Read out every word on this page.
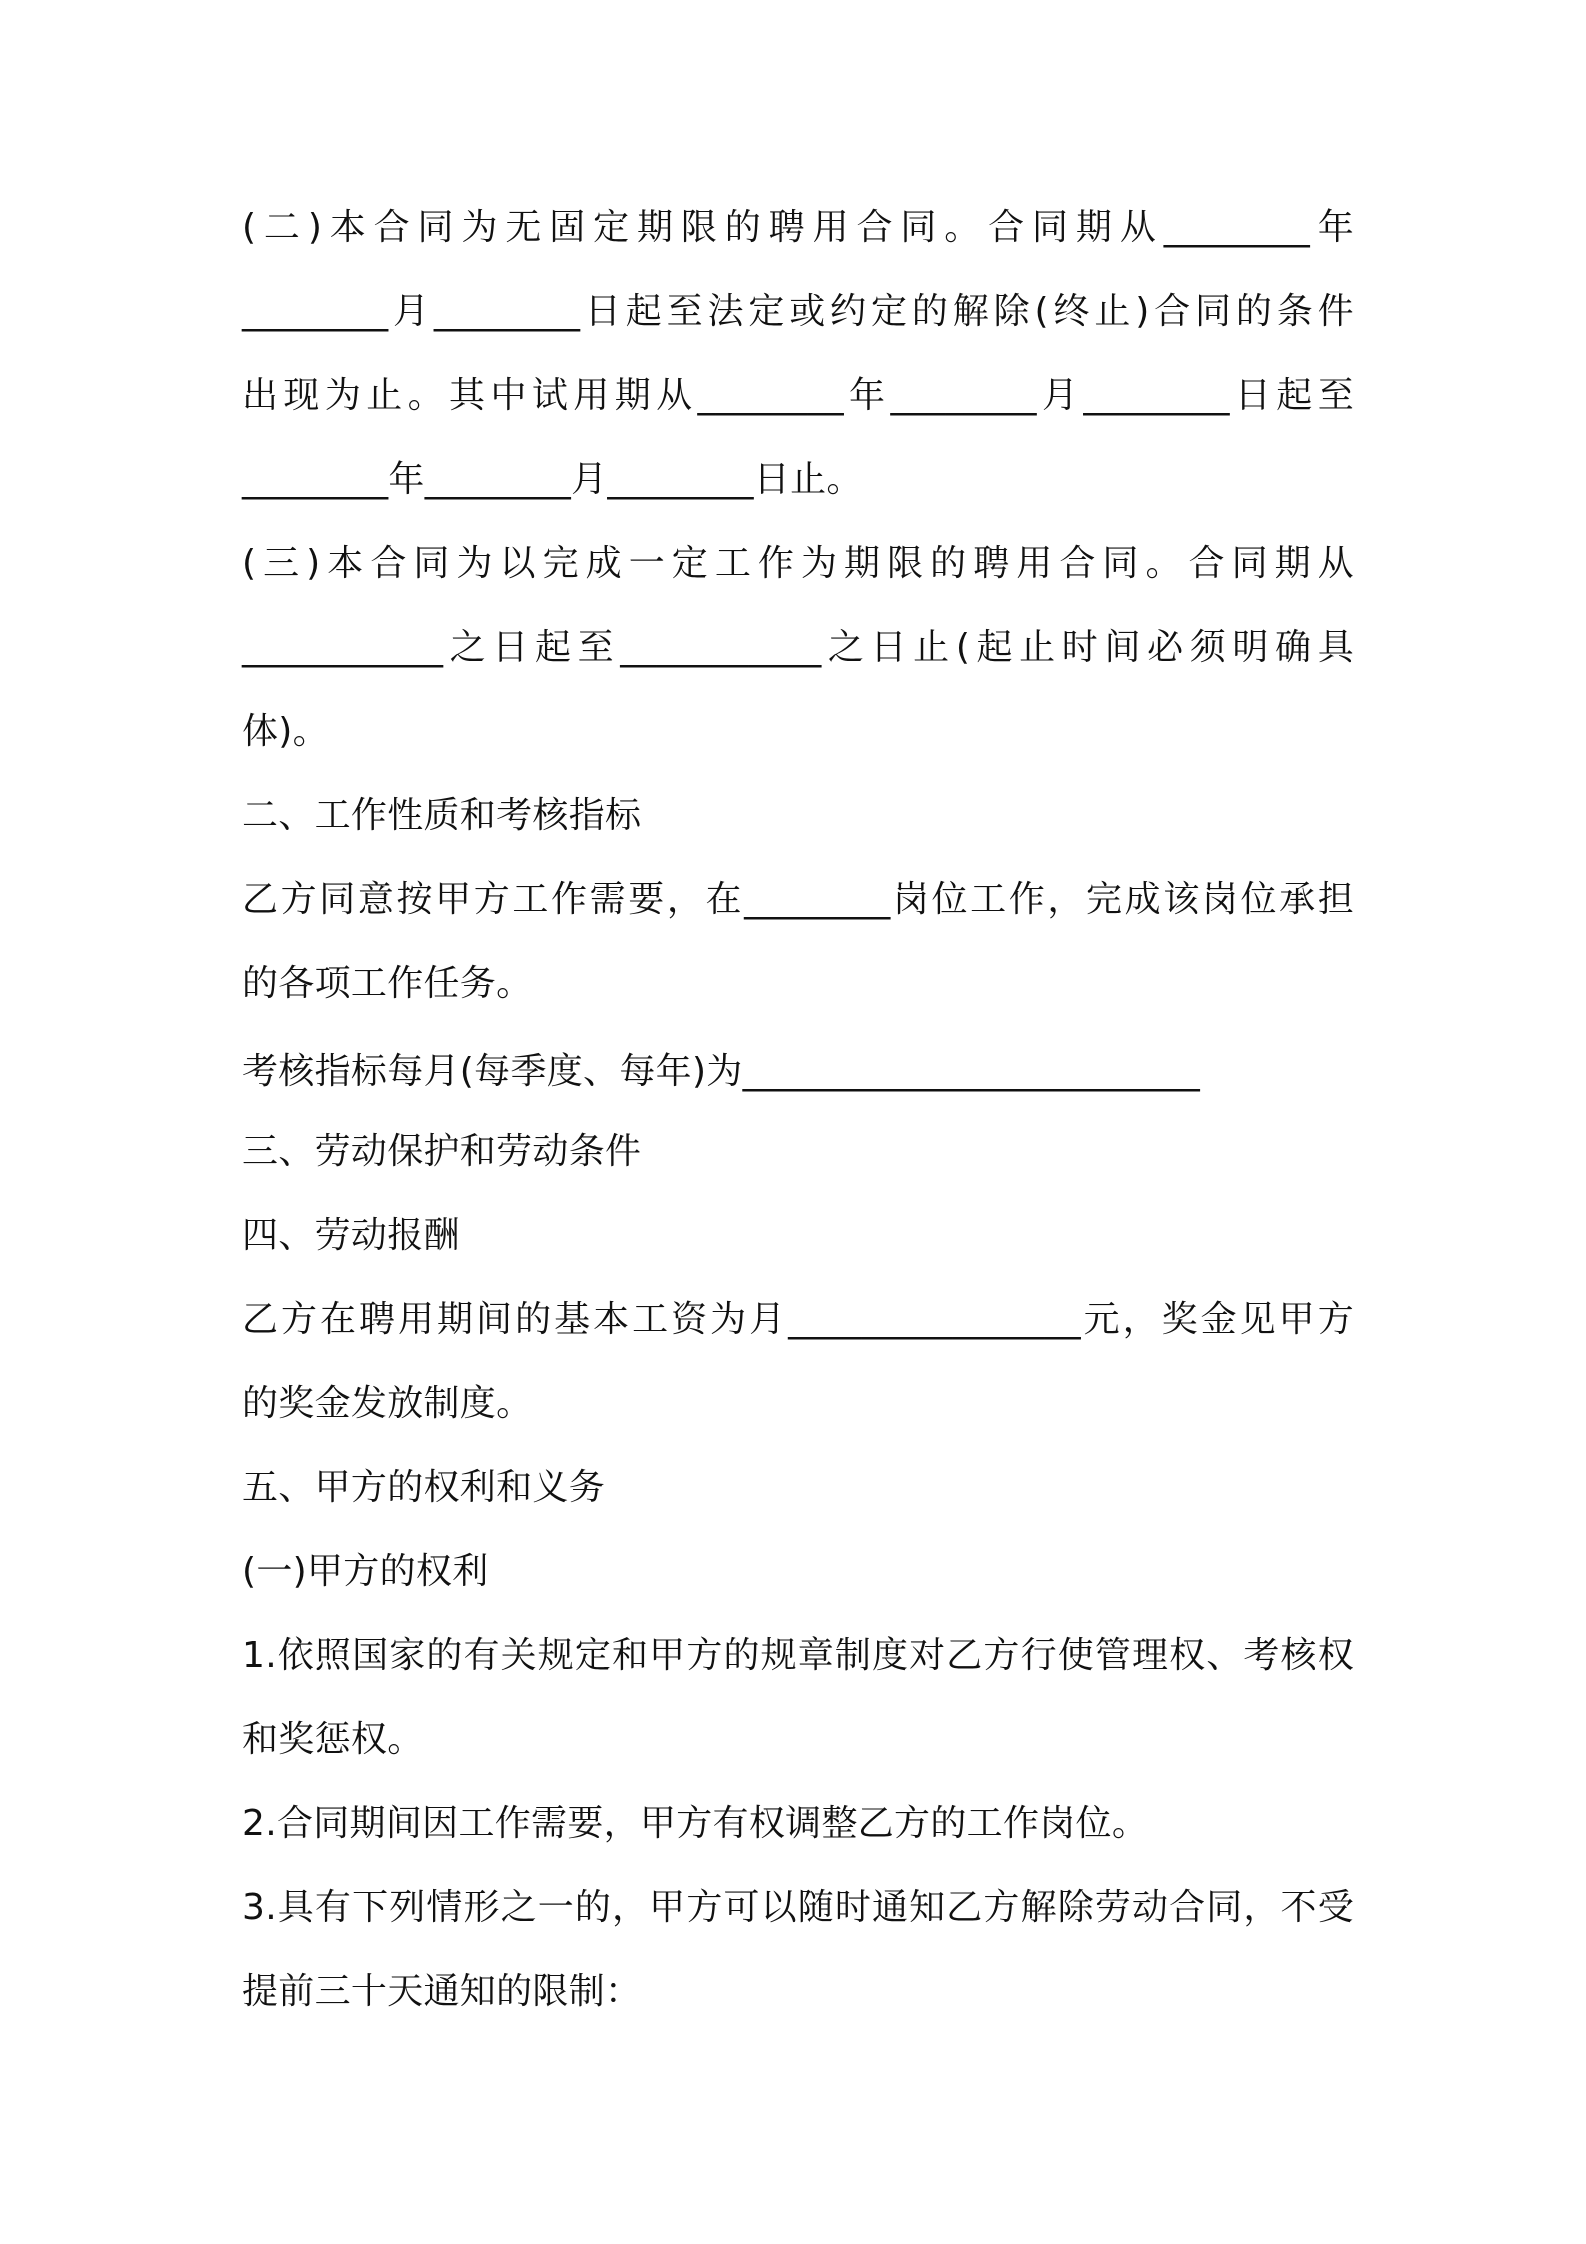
(二)本合同为无固定期限的聘用合同。合同期从________年
________月________日起至法定或约定的解除(终止)合同的条件
出现为止。其中试用期从________年________月________日起至
________年________月________日止。
(三)本合同为以完成一定工作为期限的聘用合同。合同期从
___________之日起至___________之日止(起止时间必须明确具
体)。
二、工作性质和考核指标
乙方同意按甲方工作需要，在________岗位工作，完成该岗位承担
的各项工作任务。
考核指标每月(每季度、每年)为_________________________
三、劳动保护和劳动条件
四、劳动报酬
乙方在聘用期间的基本工资为月________________元，奖金见甲方
的奖金发放制度。
五、甲方的权利和义务
(一)甲方的权利
1.依照国家的有关规定和甲方的规章制度对乙方行使管理权、考核权
和奖惩权。
2.合同期间因工作需要，甲方有权调整乙方的工作岗位。
3.具有下列情形之一的，甲方可以随时通知乙方解除劳动合同，不受
提前三十天通知的限制：
